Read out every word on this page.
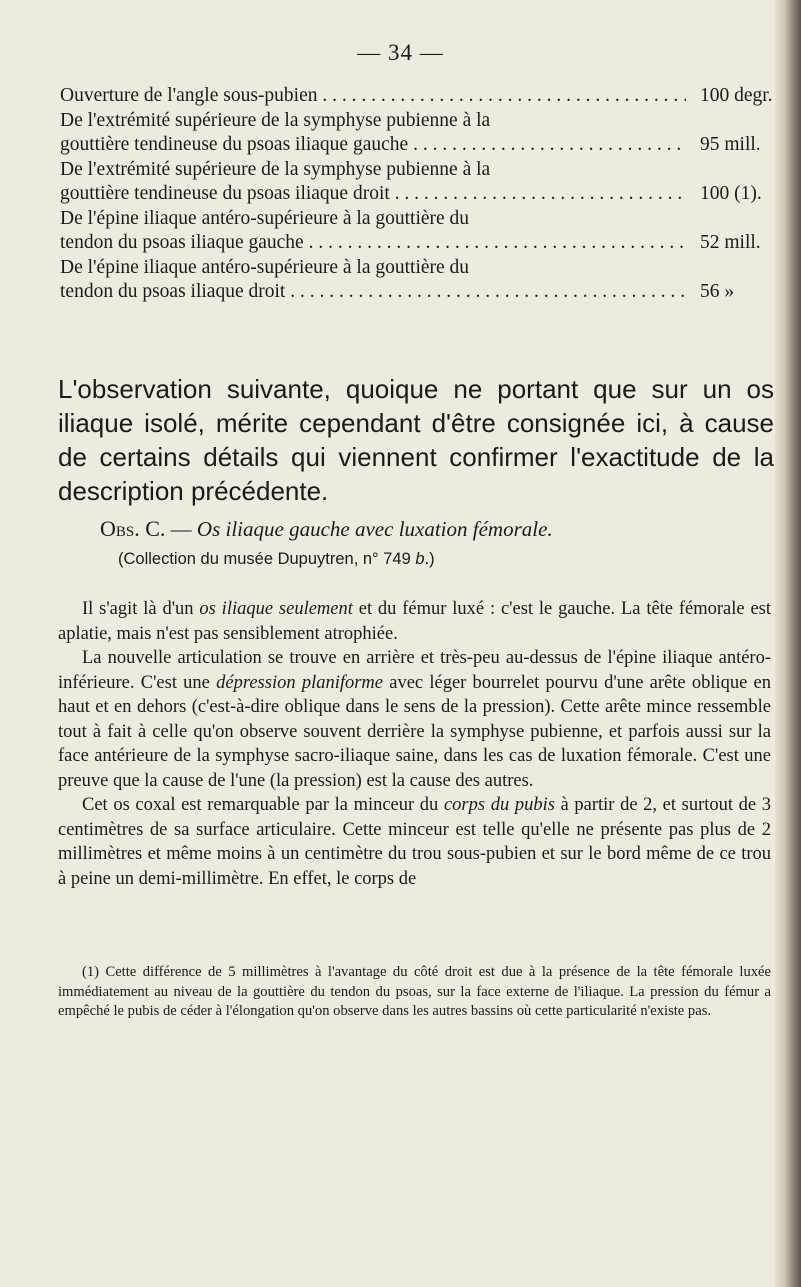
— 34 —
Ouverture de l'angle sous-pubien . . .	100 degr.
De l'extrémité supérieure de la symphyse pubienne à la
gouttière tendineuse du psoas iliaque gauche . . .	95 mill.
De l'extrémité supérieure de la symphyse pubienne à la
gouttière tendineuse du psoas iliaque droit . . .	100 (1).
De l'épine iliaque antéro-supérieure à la gouttière du
tendon du psoas iliaque gauche . . .	52 mill.
De l'épine iliaque antéro-supérieure à la gouttière du
tendon du psoas iliaque droit . . .	56 »

L'observation suivante, quoique ne portant que sur un os iliaque isolé, mérite cependant d'être consignée ici, à cause de certains détails qui viennent confirmer l'exactitude de la description précédente.

Obs. C. — Os iliaque gauche avec luxation fémorale.
(Collection du musée Dupuytren, n° 749 b.)

Il s'agit là d'un os iliaque seulement et du fémur luxé : c'est le gauche. La tête fémorale est aplatie, mais n'est pas sensiblement atrophiée.

La nouvelle articulation se trouve en arrière et très-peu au-dessus de l'épine iliaque antéro-inférieure. C'est une dépression planiforme avec léger bourrelet pourvu d'une arête oblique en haut et en dehors (c'est-à-dire oblique dans le sens de la pression). Cette arête mince ressemble tout à fait à celle qu'on observe souvent derrière la symphyse pubienne, et parfois aussi sur la face antérieure de la symphyse sacro-iliaque saine, dans les cas de luxation fémorale. C'est une preuve que la cause de l'une (la pression) est la cause des autres.

Cet os coxal est remarquable par la minceur du corps du pubis à partir de 2, et surtout de 3 centimètres de sa surface articulaire. Cette minceur est telle qu'elle ne présente pas plus de 2 millimètres et même moins à un centimètre du trou sous-pubien et sur le bord même de ce trou à peine un demi-millimètre. En effet, le corps de

(1) Cette différence de 5 millimètres à l'avantage du côté droit est due à la présence de la tête fémorale luxée immédiatement au niveau de la gouttière du tendon du psoas, sur la face externe de l'iliaque. La pression du fémur a empêché le pubis de céder à l'élongation qu'on observe dans les autres bassins où cette particularité n'existe pas.
